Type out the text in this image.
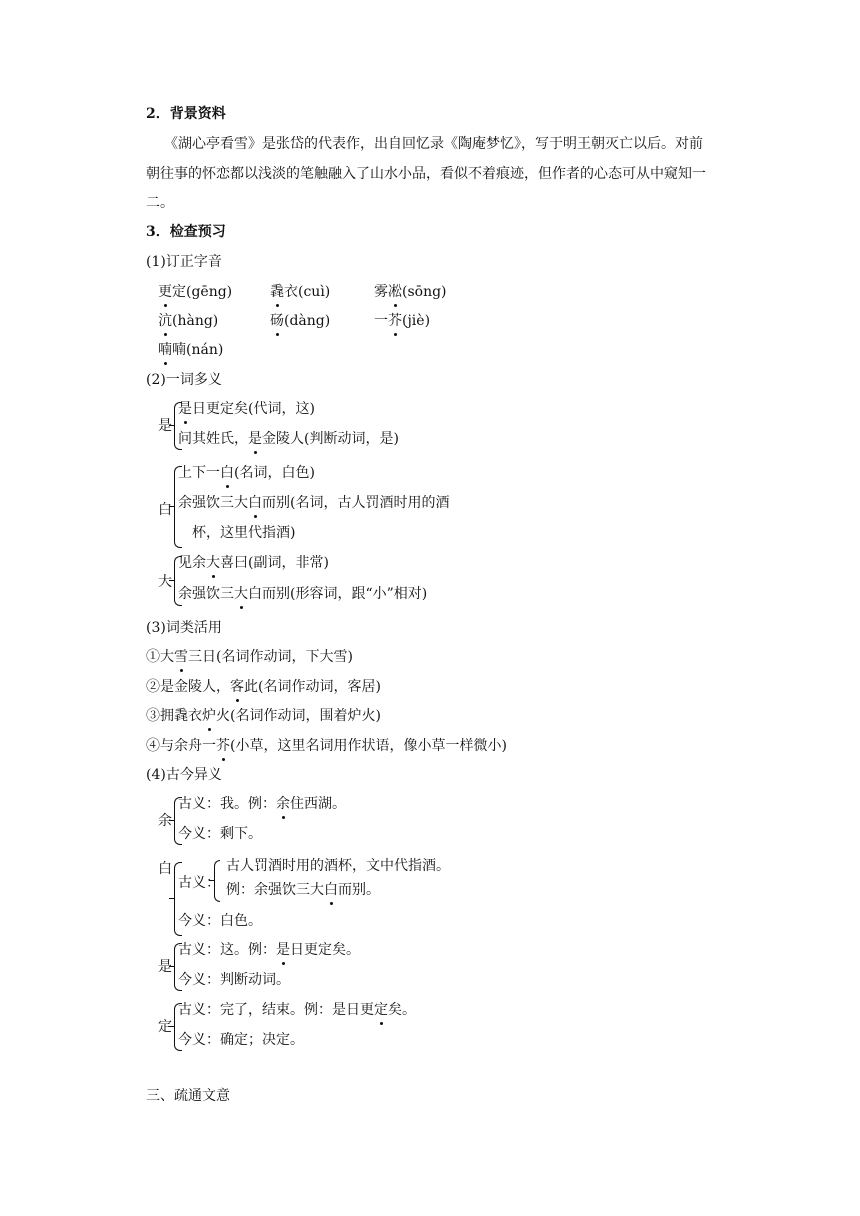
2．背景资料
《湖心亭看雪》是张岱的代表作，出自回忆录《陶庵梦忆》，写于明王朝灭亡以后。对前
朝往事的怀恋都以浅淡的笔触融入了山水小品，看似不着痕迹，但作者的心态可从中窥知一
二。
3．检查预习
(1)订正字音
更定(gēng)	毳衣(cuì)	雾凇(sōng)
沆(hàng)	砀(dàng)	一芥(jiè)
喃喃(nán)
(2)一词多义
是
是日更定矣(代词，这)
问其姓氏，是金陵人(判断动词，是)
白
上下一白(名词，白色)
余强饮三大白而别(名词，古人罚酒时用的酒
杯，这里代指酒)
大
见余大喜曰(副词，非常)
余强饮三大白而别(形容词，跟“小”相对)
(3)词类活用
①大雪三日(名词作动词，下大雪)
②是金陵人，客此(名词作动词，客居)
③拥毳衣炉火(名词作动词，围着炉火)
④与余舟一芥(小草，这里名词用作状语，像小草一样微小)
(4)古今异义
余
古义：我。例：余住西湖。
今义：剩下。
白
古义：
古人罚酒时用的酒杯，文中代指酒。
例：余强饮三大白而别。
今义：白色。
是
古义：这。例：是日更定矣。
今义：判断动词。
定
古义：完了，结束。例：是日更定矣。
今义：确定；决定。
三、疏通文意
